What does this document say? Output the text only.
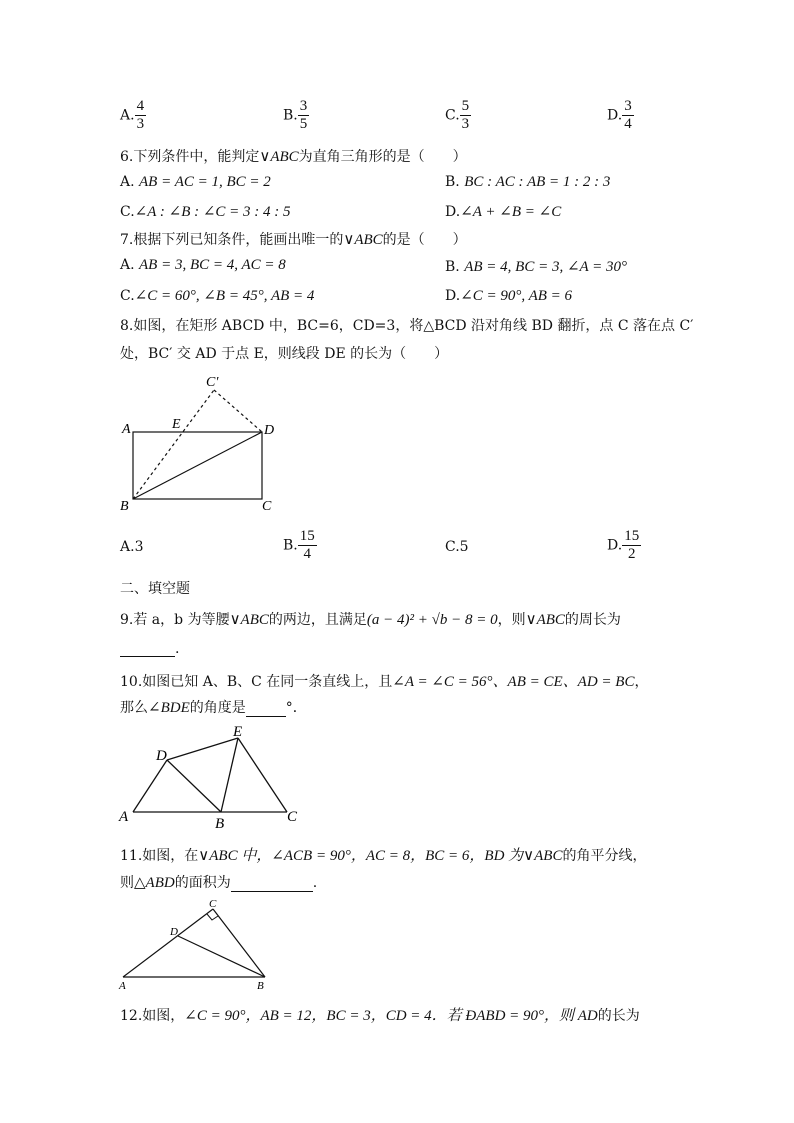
A. $\frac{4}{3}$	B. $\frac{3}{5}$	C. $\frac{5}{3}$	D. $\frac{3}{4}$
6.下列条件中，能判定∨ABC为直角三角形的是（　　）
A. AB = AC = 1, BC = 2	B. BC : AC : AB = 1 : 2 : 3
C.∠A : ∠B : ∠C = 3 : 4 : 5	D.∠A + ∠B = ∠C
7.根据下列已知条件，能画出唯一的∨ABC的是（　　）
A. AB = 3, BC = 4, AC = 8	B. AB = 4, BC = 3, ∠A = 30°
C.∠C = 60°, ∠B = 45°, AB = 4	D.∠C = 90°, AB = 6
8.如图，在矩形 ABCD 中，BC=6，CD=3，将△BCD 沿对角线 BD 翻折，点 C 落在点 C′
处，BC′ 交 AD 于点 E，则线段 DE 的长为（　　）
C′
A	E	D
B	C
A.3	B. $\frac{15}{4}$	C.5	D. $\frac{15}{2}$
二、填空题
9.若 a，b 为等腰∨ABC的两边，且满足(a − 4)² + √b − 8 = 0，则∨ABC的周长为
.
10.如图已知 A、B、C 在同一条直线上，且∠A = ∠C = 56°、AB = CE、AD = BC，
那么∠BDE的角度是	°．
D
E
A	B	C
11.如图，在∨ABC 中，∠ACB = 90°，AC = 8，BC = 6，BD 为∨ABC的角平分线，
则△ABD的面积为	.
C
D
A	B
12.如图，∠C = 90°，AB = 12，BC = 3，CD = 4．若 ÐABD = 90°，则 AD的长为
